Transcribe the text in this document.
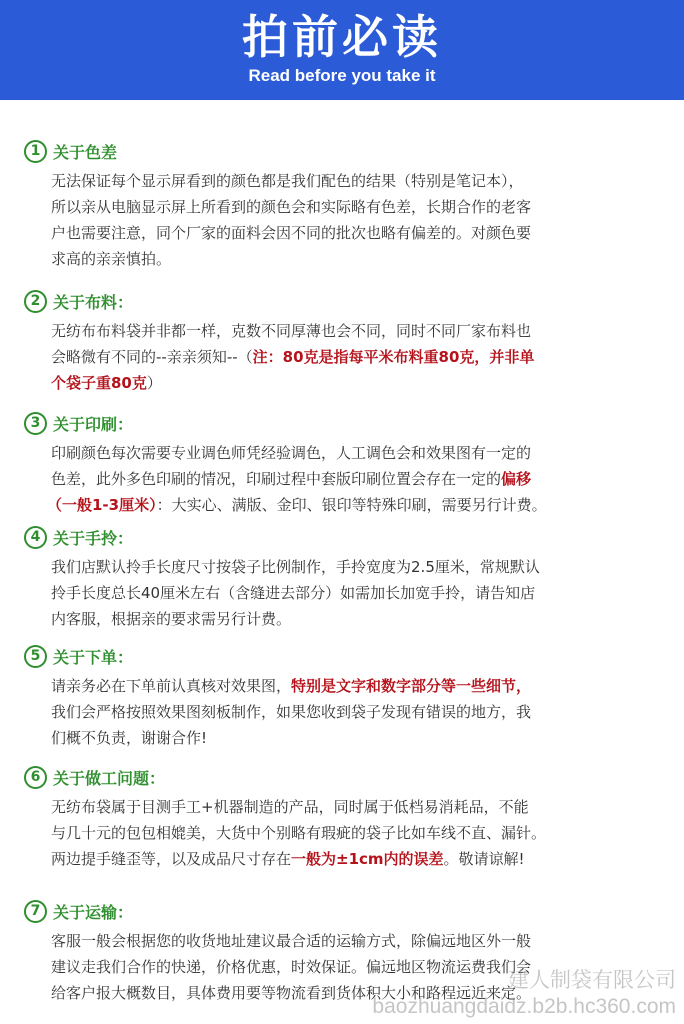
拍前必读
Read before you take it
1 关于色差
无法保证每个显示屏看到的颜色都是我们配色的结果（特别是笔记本），
所以亲从电脑显示屏上所看到的颜色会和实际略有色差，长期合作的老客
户也需要注意，同个厂家的面料会因不同的批次也略有偏差的。对颜色要
求高的亲亲慎拍。
2 关于布料：
无纺布布料袋并非都一样，克数不同厚薄也会不同，同时不同厂家布料也
会略微有不同的--亲亲须知--（注：80克是指每平米布料重80克，并非单
个袋子重80克）
3 关于印刷：
印刷颜色每次需要专业调色师凭经验调色，人工调色会和效果图有一定的
色差，此外多色印刷的情况，印刷过程中套版印刷位置会存在一定的偏移
（一般1-3厘米）：大实心、满版、金印、银印等特殊印刷，需要另行计费。
4 关于手拎：
我们店默认拎手长度尺寸按袋子比例制作，手拎宽度为2.5厘米，常规默认
拎手长度总长40厘米左右（含缝进去部分）如需加长加宽手拎，请告知店
内客服，根据亲的要求需另行计费。
5 关于下单：
请亲务必在下单前认真核对效果图，特别是文字和数字部分等一些细节，
我们会严格按照效果图刻板制作，如果您收到袋子发现有错误的地方，我
们概不负责，谢谢合作!
6 关于做工问题：
无纺布袋属于目测手工+机器制造的产品，同时属于低档易消耗品，不能
与几十元的包包相媲美，大货中个别略有瑕疵的袋子比如车线不直、漏针。
两边提手缝歪等，以及成品尺寸存在一般为±1cm内的误差。敬请谅解!
7 关于运输：
客服一般会根据您的收货地址建议最合适的运输方式，除偏远地区外一般
建议走我们合作的快递，价格优惠，时效保证。偏远地区物流运费我们会
给客户报大概数目，具体费用要等物流看到货体积大小和路程远近来定。
建人制袋有限公司
baozhuangdaidz.b2b.hc360.com
